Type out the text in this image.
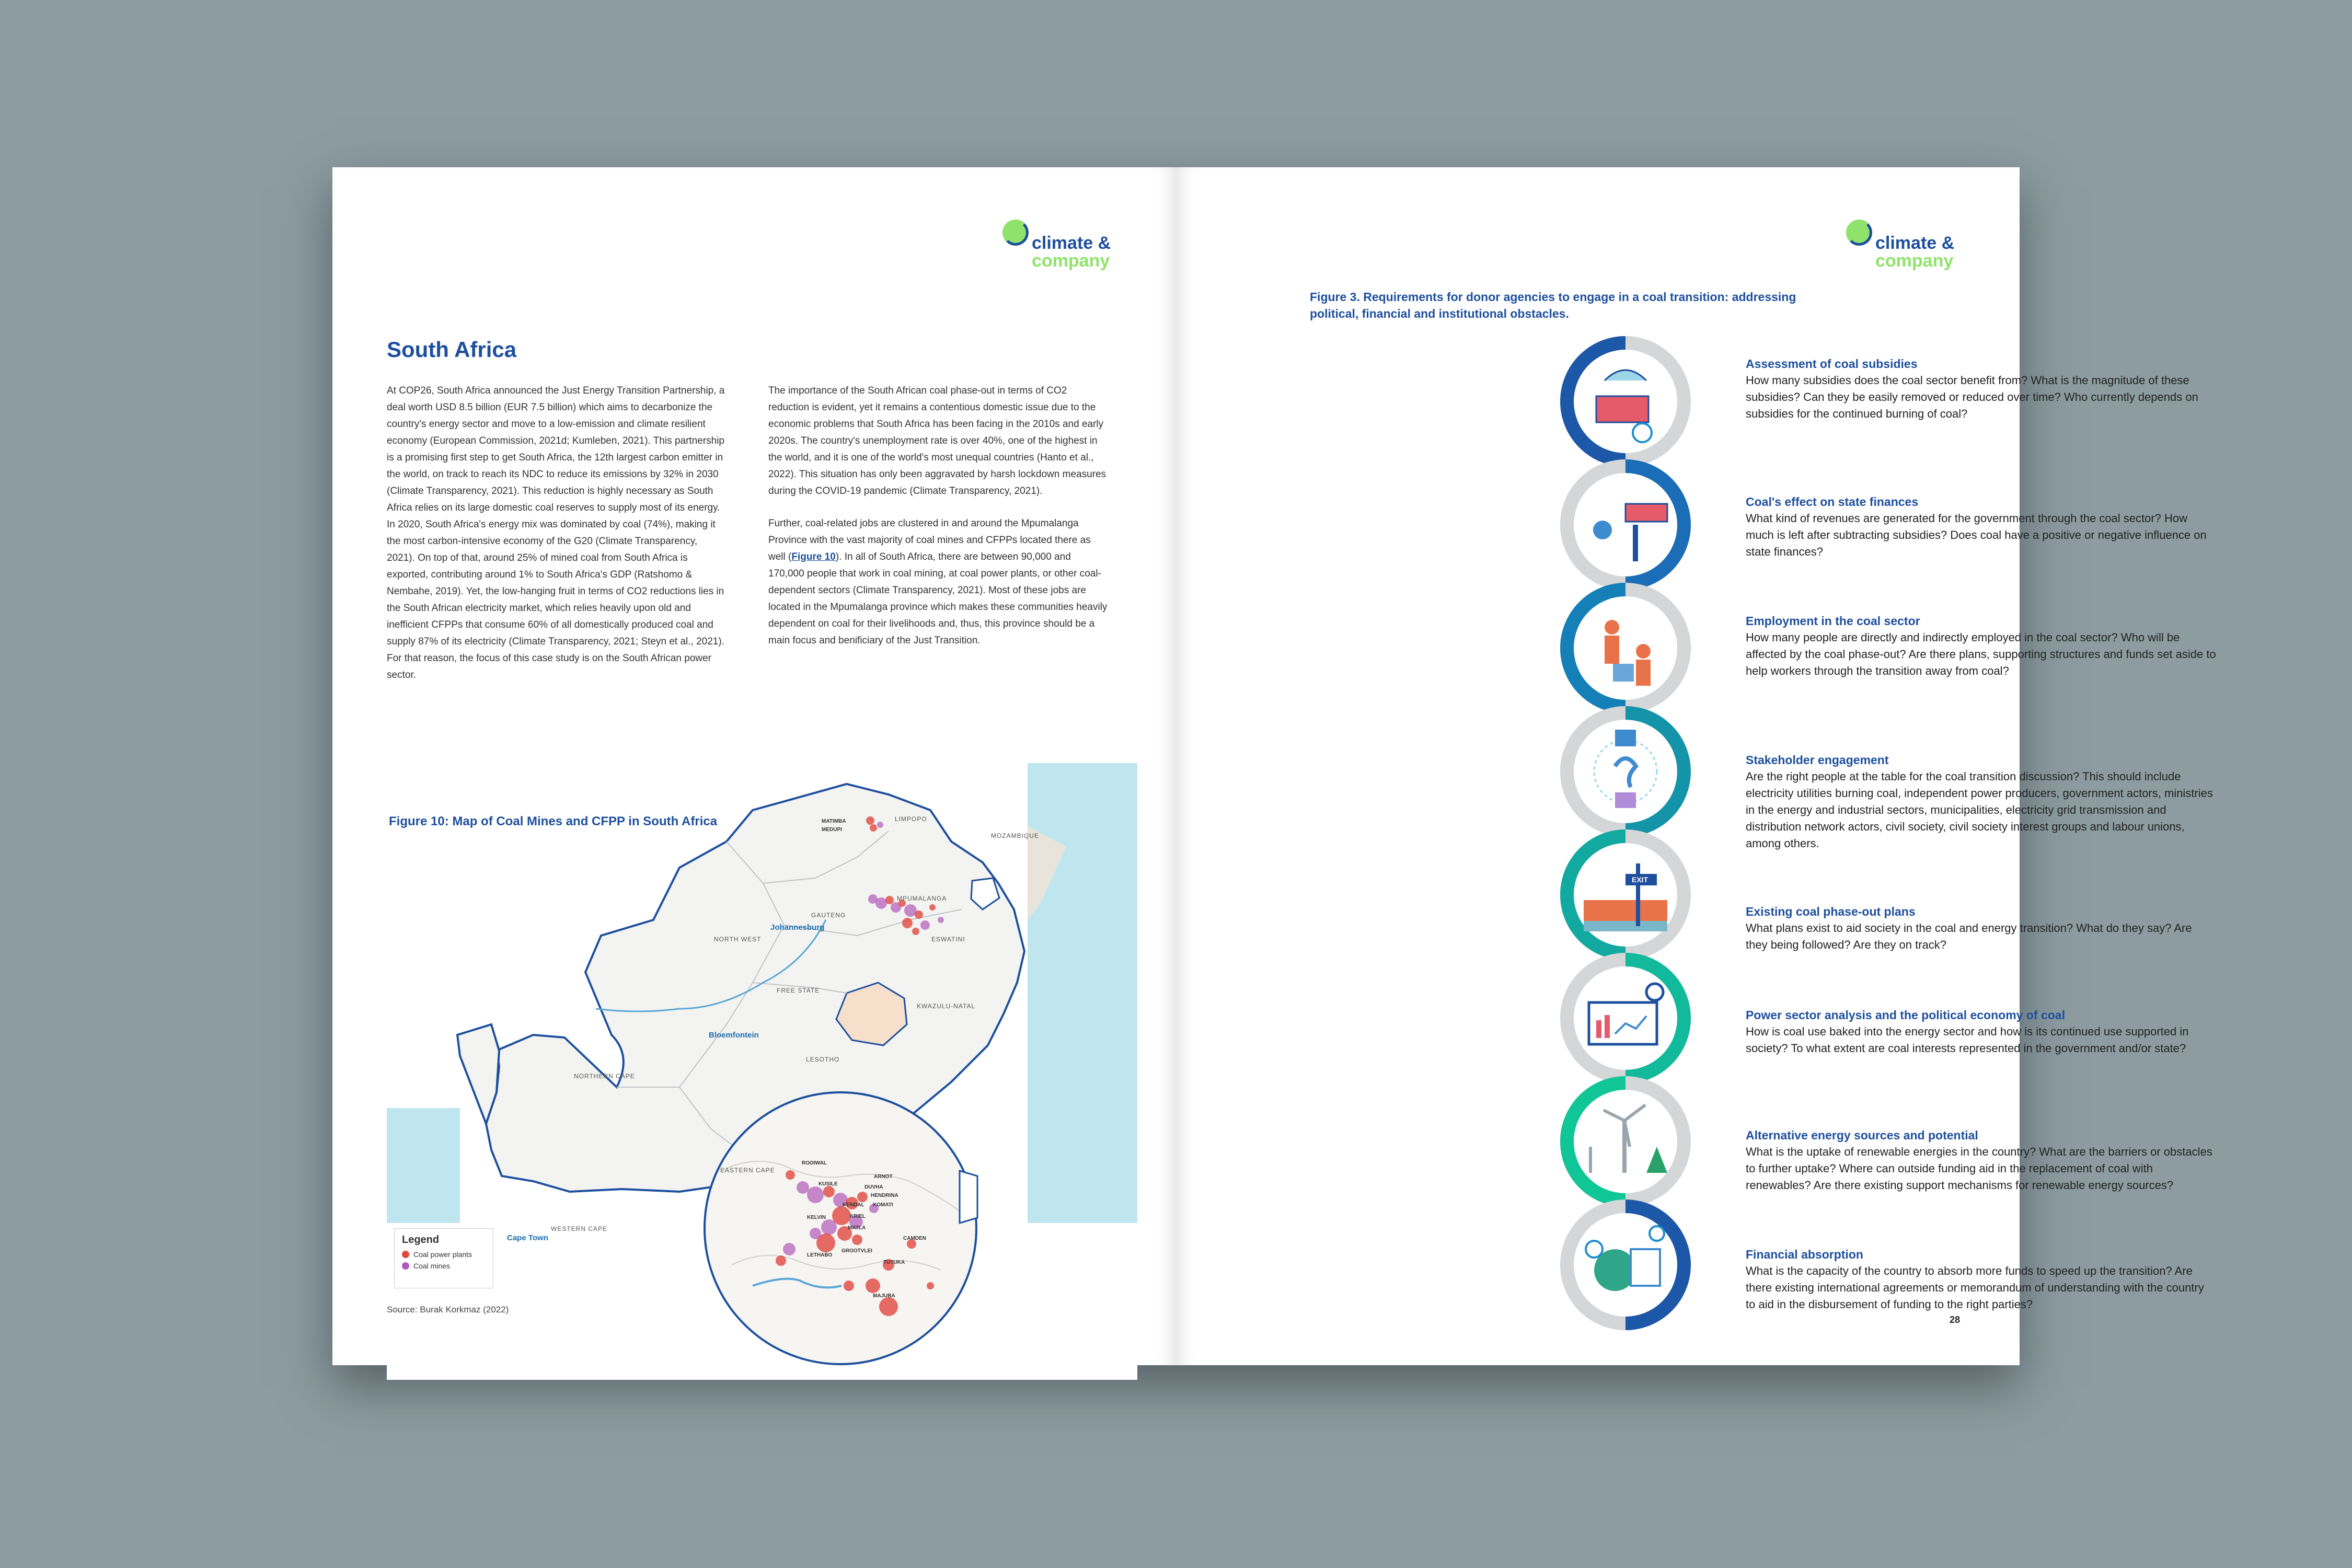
climate &
company
South Africa

At COP26, South Africa announced the Just Energy Transition Partnership, a deal worth USD 8.5 billion (EUR 7.5 billion) which aims to decarbonize the country's energy sector and move to a low-emission and climate resilient economy (European Commission, 2021d; Kumleben, 2021). This partnership is a promising first step to get South Africa, the 12th largest carbon emitter in the world, on track to reach its NDC to reduce its emissions by 32% in 2030 (Climate Transparency, 2021). This reduction is highly necessary as South Africa relies on its large domestic coal reserves to supply most of its energy. In 2020, South Africa's energy mix was dominated by coal (74%), making it the most carbon-intensive economy of the G20 (Climate Transparency, 2021). On top of that, around 25% of mined coal from South Africa is exported, contributing around 1% to South Africa's GDP (Ratshomo & Nembahe, 2019). Yet, the low-hanging fruit in terms of CO2 reductions lies in the South African electricity market, which relies heavily upon old and inefficient CFPPs that consume 60% of all domestically produced coal and supply 87% of its electricity (Climate Transparency, 2021; Steyn et al., 2021). For that reason, the focus of this case study is on the South African power sector.

The importance of the South African coal phase-out in terms of CO2 reduction is evident, yet it remains a contentious domestic issue due to the economic problems that South Africa has been facing in the 2010s and early 2020s. The country's unemployment rate is over 40%, one of the highest in the world, and it is one of the world's most unequal countries (Hanto et al., 2022). This situation has only been aggravated by harsh lockdown measures during the COVID-19 pandemic (Climate Transparency, 2021).

Further, coal-related jobs are clustered in and around the Mpumalanga Province with the vast majority of coal mines and CFPPs located there as well (Figure 10). In all of South Africa, there are between 90,000 and 170,000 people that work in coal mining, at coal power plants, or other coal-dependent sectors (Climate Transparency, 2021). Most of these jobs are located in the Mpumalanga province which makes these communities heavily dependent on coal for their livelihoods and, thus, this province should be a main focus and benificiary of the Just Transition.

Figure 10: Map of Coal Mines and CFPP in South Africa	LIMPOPO
MOZAMBIQUE
MPUMALANGA
GAUTENG
NORTH WEST
Johannesburg
ESWATINI
FREE STATE
KWAZULU-NATAL
Bloemfontein
LESOTHO
NORTHERN CAPE
EASTERN CAPE
WESTERN CAPE
Cape Town
MATIMBA
MEDUPI
ROOIWAL
KUSILE
ARNOT
DUVHA
HENDRINA
KOMATI
KENDAL
KRIEL
MATLA
KELVIN
CAMDEN
GROOTVLEI
TUTUKA
LETHABO
MAJUBA
Legend
Coal power plants
Coal mines
Source: Burak Korkmaz (2022)
climate &
company
Figure 3. Requirements for donor agencies to engage in a coal transition: addressing political, financial and institutional obstacles.
EXIT
Assessment of coal subsidies
How many subsidies does the coal sector benefit from? What is the magnitude of these subsidies? Can they be easily removed or reduced over time? Who currently depends on subsidies for the continued burning of coal?
Coal's effect on state finances
What kind of revenues are generated for the government through the coal sector? How much is left after subtracting subsidies? Does coal have a positive or negative influence on state finances?
Employment in the coal sector
How many people are directly and indirectly employed in the coal sector? Who will be affected by the coal phase-out? Are there plans, supporting structures and funds set aside to help workers through the transition away from coal?
Stakeholder engagement
Are the right people at the table for the coal transition discussion? This should include electricity utilities burning coal, independent power producers, government actors, ministries in the energy and industrial sectors, municipalities, electricity grid transmission and distribution network actors, civil society, civil society interest groups and labour unions, among others.
Existing coal phase-out plans
What plans exist to aid society in the coal and energy transition? What do they say? Are they being followed? Are they on track?
Power sector analysis and the political economy of coal
How is coal use baked into the energy sector and how is its continued use supported in society? To what extent are coal interests represented in the government and/or state?
Alternative energy sources and potential
What is the uptake of renewable energies in the country? What are the barriers or obstacles to further uptake? Where can outside funding aid in the replacement of coal with renewables? Are there existing support mechanisms for renewable energy sources?
Financial absorption
What is the capacity of the country to absorb more funds to speed up the transition? Are there existing international agreements or memorandum of understanding with the country to aid in the disbursement of funding to the right parties?
28
